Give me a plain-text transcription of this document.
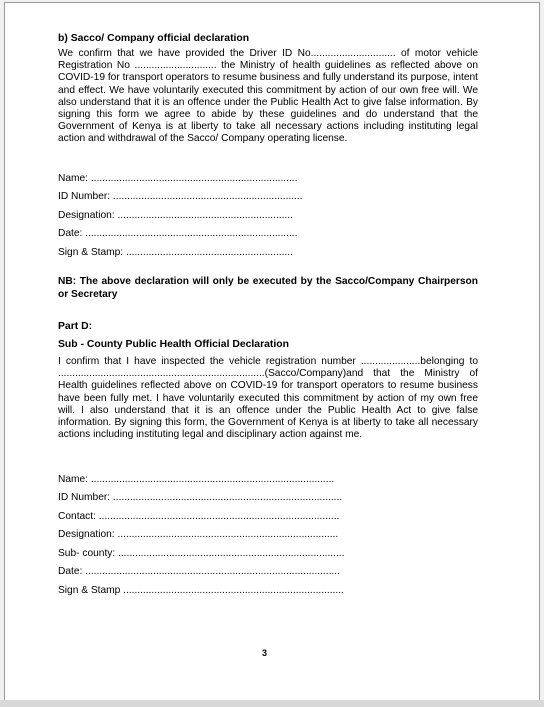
b) Sacco/ Company official declaration
We confirm that we have provided the Driver ID No.............................. of motor vehicle Registration No ............................. the Ministry of health guidelines as reflected above on COVID-19 for transport operators to resume business and fully understand its purpose, intent and effect. We have voluntarily executed this commitment by action of our own free will. We also understand that it is an offence under the Public Health Act to give false information. By signing this form we agree to abide by these guidelines and do understand that the Government of Kenya is at liberty to take all necessary actions including instituting legal action and withdrawal of the Sacco/ Company operating license.
Name: .........................................................................
ID Number: ...................................................................
Designation: ..............................................................
Date: ...........................................................................
Sign & Stamp: ...........................................................
NB: The above declaration will only be executed by the Sacco/Company Chairperson or Secretary
Part D:
Sub - County Public Health Official Declaration
I confirm that I have inspected the vehicle registration number .....................belonging to .........................................................................(Sacco/Company)and that the Ministry of Health guidelines reflected above on COVID-19 for transport operators to resume business have been fully met. I have voluntarily executed this commitment by action of my own free will. I also understand that it is an offence under the Public Health Act to give false information. By signing this form, the Government of Kenya is at liberty to take all necessary actions including instituting legal and disciplinary action against me.
Name: ......................................................................................
ID Number: .................................................................................
Contact: .....................................................................................
Designation: ..............................................................................
Sub- county: ................................................................................
Date: ..........................................................................................
Sign & Stamp ..............................................................................
3
